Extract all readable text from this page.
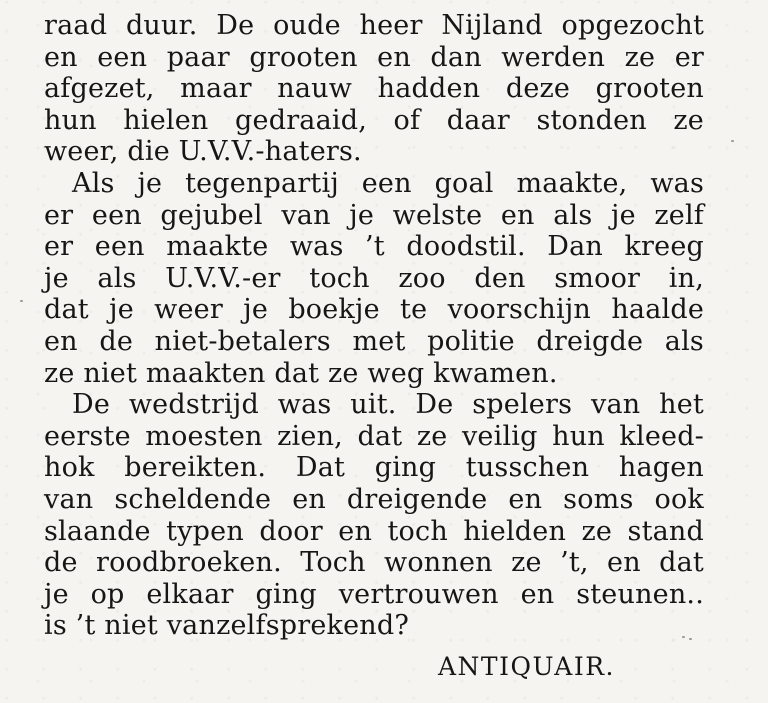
raad duur. De oude heer Nijland opgezocht
en een paar grooten en dan werden ze er
afgezet, maar nauw hadden deze grooten
hun hielen gedraaid, of daar stonden ze
weer, die U.V.V.-haters.
Als je tegenpartij een goal maakte, was
er een gejubel van je welste en als je zelf
er een maakte was ’t doodstil. Dan kreeg
je als U.V.V.-er toch zoo den smoor in,
dat je weer je boekje te voorschijn haalde
en de niet-betalers met politie dreigde als
ze niet maakten dat ze weg kwamen.
De wedstrijd was uit. De spelers van het
eerste moesten zien, dat ze veilig hun kleed-
hok bereikten. Dat ging tusschen hagen
van scheldende en dreigende en soms ook
slaande typen door en toch hielden ze stand
de roodbroeken. Toch wonnen ze ’t, en dat
je op elkaar ging vertrouwen en steunen..
is ’t niet vanzelfsprekend?
ANTIQUAIR.
